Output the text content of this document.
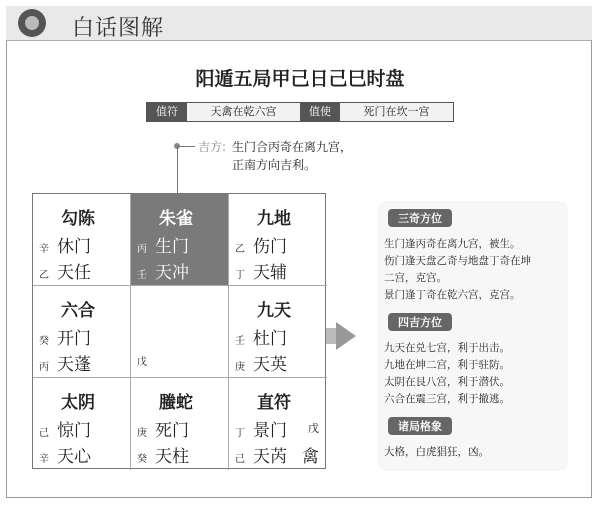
白话图解
阳遁五局甲己日己巳时盘
值符	天禽在乾六宫	值使	死门在坎一宫
吉方: 生门合丙奇在离九宫，正南方向吉利。
勾陈
辛 休门
乙 天任
朱雀
丙 生门
壬 天冲
九地
乙 伤门
丁 天辅
六合
癸 开门
丙 天蓬	戊
九天
壬 杜门
庚 天英
太阴
己 惊门
辛 天心
螣蛇
庚 死门
癸 天柱
直符
丁 景门
己 天芮
戊
禽
三奇方位
生门逢丙奇在离九宫，被生。
伤门逢天盘乙奇与地盘丁奇在坤
二宫，克宫。
景门逢丁奇在乾六宫，克宫。
四吉方位
九天在兑七宫，利于出击。
九地在坤二宫，利于驻防。
太阴在艮八宫，利于潜伏。
六合在震三宫，利于撤逃。
诸局格象
大格，白虎猖狂，凶。
